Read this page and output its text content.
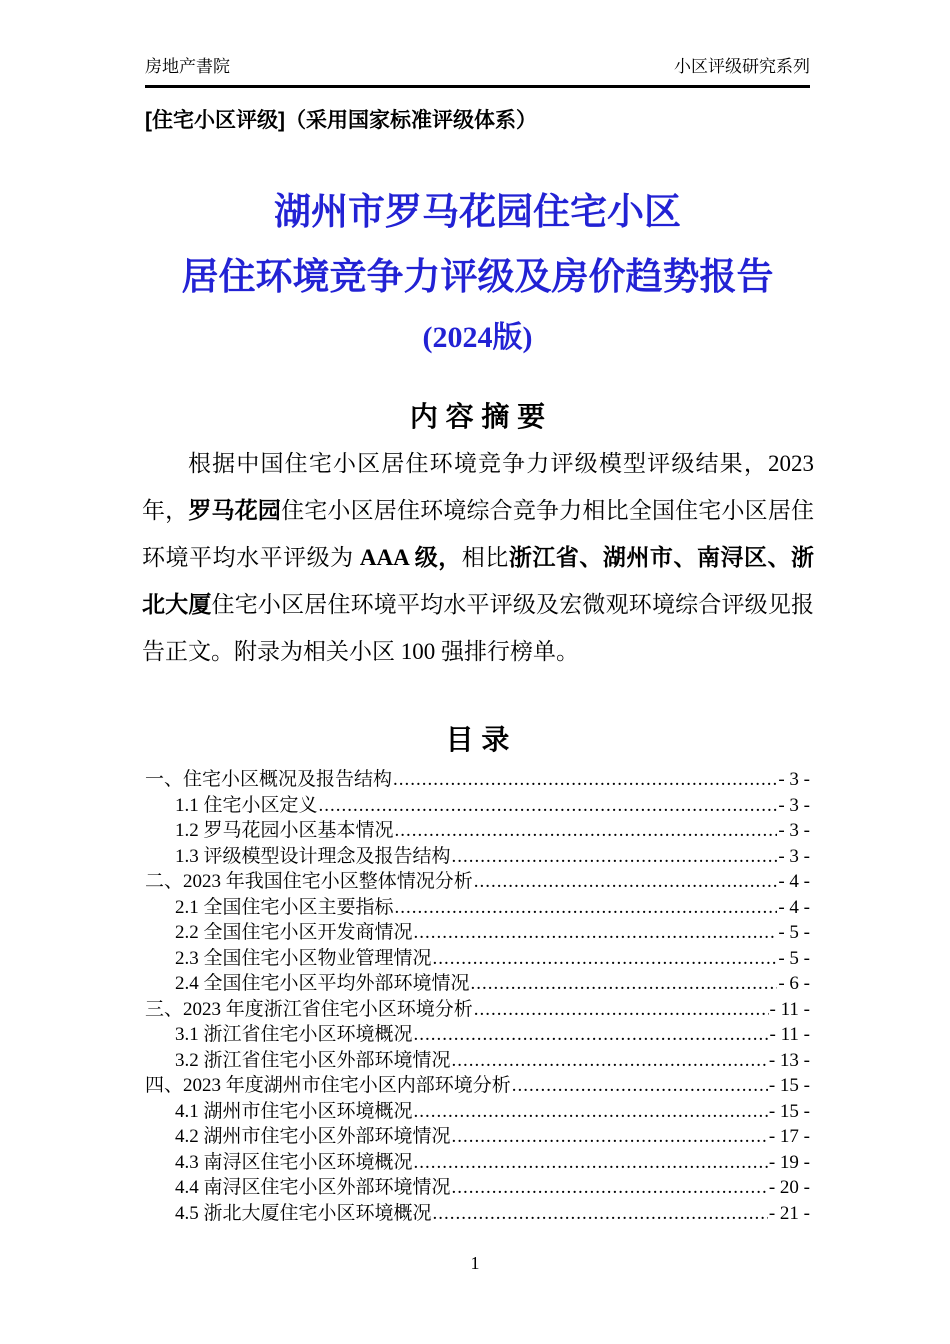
房地产書院	小区评级研究系列
[住宅小区评级]（采用国家标准评级体系）
湖州市罗马花园住宅小区
居住环境竞争力评级及房价趋势报告
(2024版)
内 容 摘 要

根据中国住宅小区居住环境竞争力评级模型评级结果，2023 年，罗马花园住宅小区居住环境综合竞争力相比全国住宅小区居住环境平均水平评级为 AAA 级，相比浙江省、湖州市、南浔区、浙北大厦住宅小区居住环境平均水平评级及宏微观环境综合评级见报告正文。附录为相关小区 100 强排行榜单。

目 录
一、住宅小区概况及报告结构 .....	- 3 -
1.1 住宅小区定义 .....	- 3 -
1.2 罗马花园小区基本情况 .....	- 3 -
1.3 评级模型设计理念及报告结构 .....	- 3 -
二、2023 年我国住宅小区整体情况分析 .....	- 4 -
2.1 全国住宅小区主要指标 .....	- 4 -
2.2 全国住宅小区开发商情况 .....	- 5 -
2.3 全国住宅小区物业管理情况 .....	- 5 -
2.4 全国住宅小区平均外部环境情况 .....	- 6 -
三、2023 年度浙江省住宅小区环境分析 .....	- 11 -
3.1 浙江省住宅小区环境概况 .....	- 11 -
3.2 浙江省住宅小区外部环境情况 .....	- 13 -
四、2023 年度湖州市住宅小区内部环境分析 .....	- 15 -
4.1 湖州市住宅小区环境概况 .....	- 15 -
4.2 湖州市住宅小区外部环境情况 .....	- 17 -
4.3 南浔区住宅小区环境概况 .....	- 19 -
4.4 南浔区住宅小区外部环境情况 .....	- 20 -
4.5 浙北大厦住宅小区环境概况 .....	- 21 -
1
